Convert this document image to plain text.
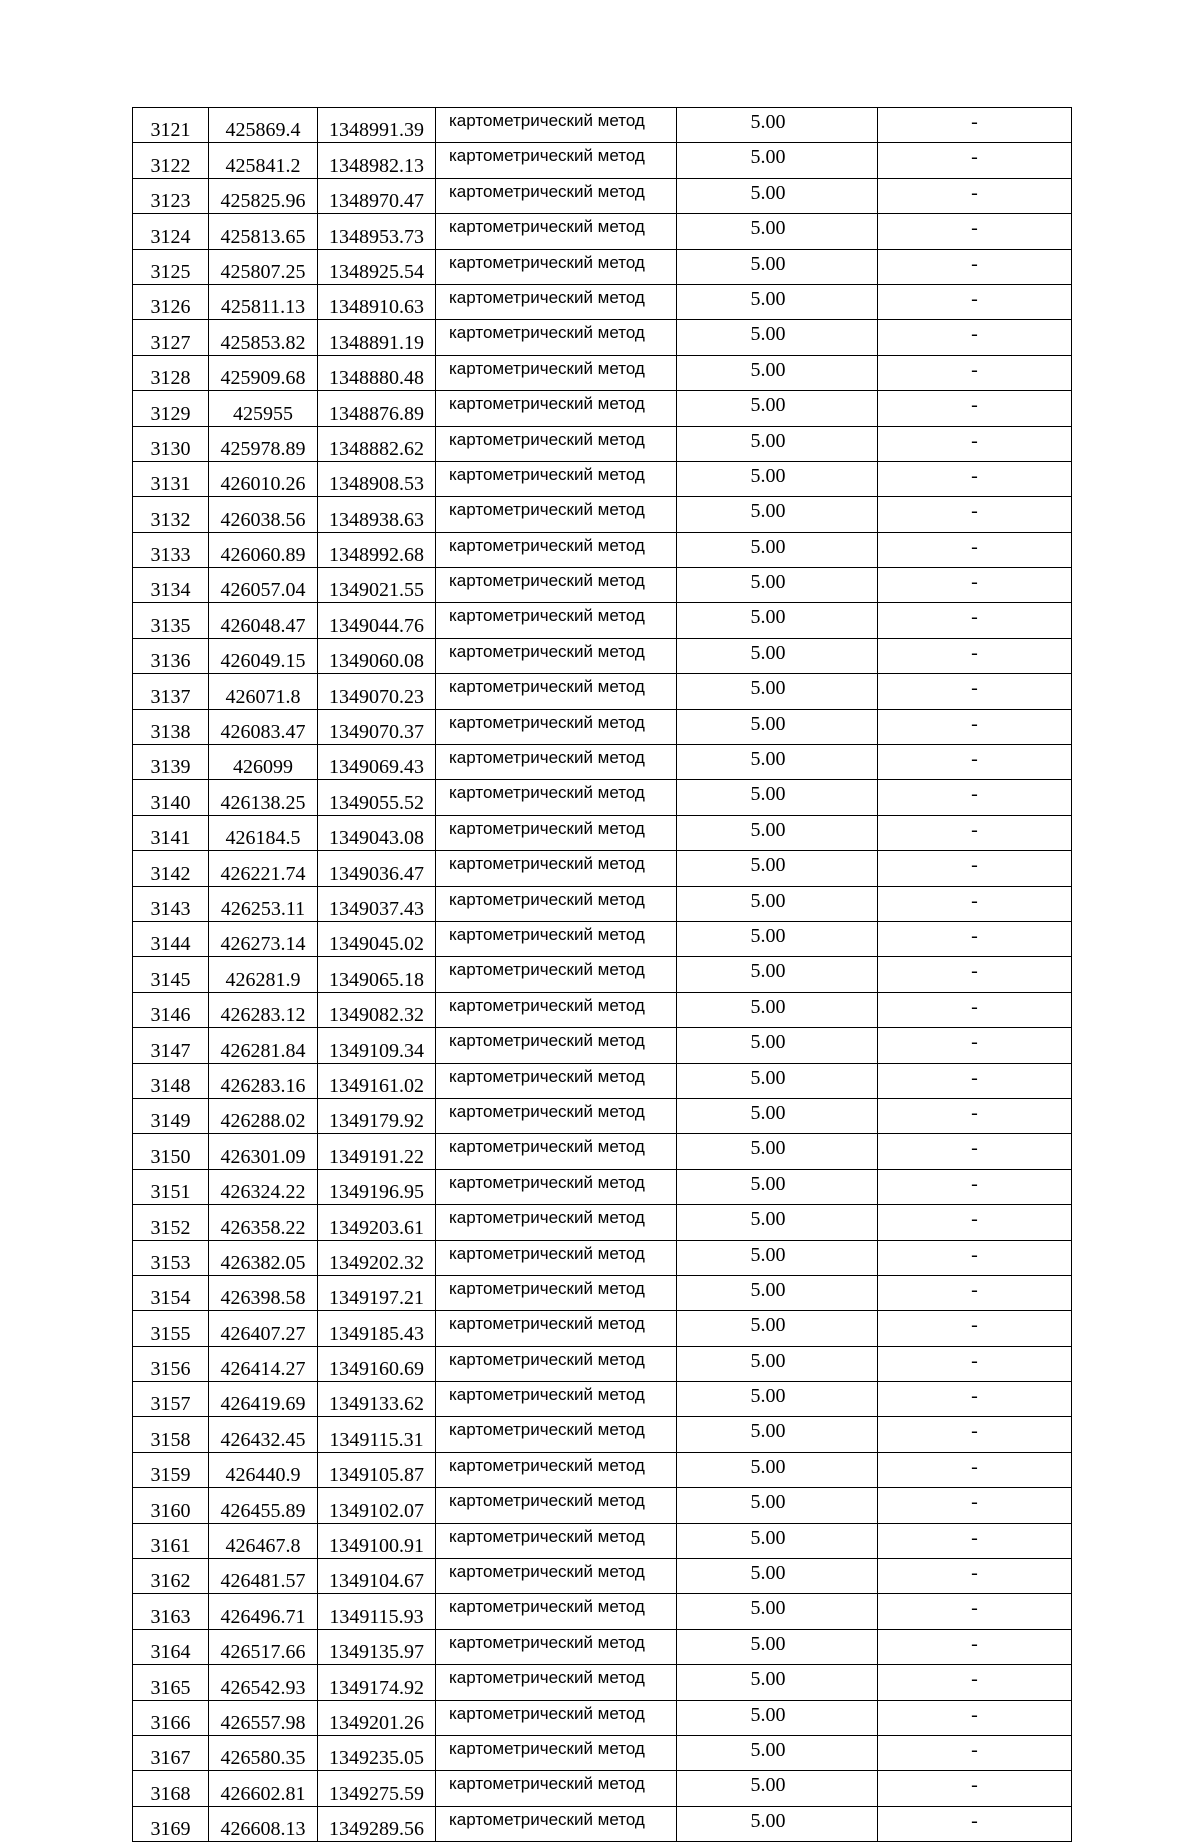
3121	425869.4	1348991.39	картометрический метод	5.00	-
3122	425841.2	1348982.13	картометрический метод	5.00	-
3123	425825.96	1348970.47	картометрический метод	5.00	-
3124	425813.65	1348953.73	картометрический метод	5.00	-
3125	425807.25	1348925.54	картометрический метод	5.00	-
3126	425811.13	1348910.63	картометрический метод	5.00	-
3127	425853.82	1348891.19	картометрический метод	5.00	-
3128	425909.68	1348880.48	картометрический метод	5.00	-
3129	425955	1348876.89	картометрический метод	5.00	-
3130	425978.89	1348882.62	картометрический метод	5.00	-
3131	426010.26	1348908.53	картометрический метод	5.00	-
3132	426038.56	1348938.63	картометрический метод	5.00	-
3133	426060.89	1348992.68	картометрический метод	5.00	-
3134	426057.04	1349021.55	картометрический метод	5.00	-
3135	426048.47	1349044.76	картометрический метод	5.00	-
3136	426049.15	1349060.08	картометрический метод	5.00	-
3137	426071.8	1349070.23	картометрический метод	5.00	-
3138	426083.47	1349070.37	картометрический метод	5.00	-
3139	426099	1349069.43	картометрический метод	5.00	-
3140	426138.25	1349055.52	картометрический метод	5.00	-
3141	426184.5	1349043.08	картометрический метод	5.00	-
3142	426221.74	1349036.47	картометрический метод	5.00	-
3143	426253.11	1349037.43	картометрический метод	5.00	-
3144	426273.14	1349045.02	картометрический метод	5.00	-
3145	426281.9	1349065.18	картометрический метод	5.00	-
3146	426283.12	1349082.32	картометрический метод	5.00	-
3147	426281.84	1349109.34	картометрический метод	5.00	-
3148	426283.16	1349161.02	картометрический метод	5.00	-
3149	426288.02	1349179.92	картометрический метод	5.00	-
3150	426301.09	1349191.22	картометрический метод	5.00	-
3151	426324.22	1349196.95	картометрический метод	5.00	-
3152	426358.22	1349203.61	картометрический метод	5.00	-
3153	426382.05	1349202.32	картометрический метод	5.00	-
3154	426398.58	1349197.21	картометрический метод	5.00	-
3155	426407.27	1349185.43	картометрический метод	5.00	-
3156	426414.27	1349160.69	картометрический метод	5.00	-
3157	426419.69	1349133.62	картометрический метод	5.00	-
3158	426432.45	1349115.31	картометрический метод	5.00	-
3159	426440.9	1349105.87	картометрический метод	5.00	-
3160	426455.89	1349102.07	картометрический метод	5.00	-
3161	426467.8	1349100.91	картометрический метод	5.00	-
3162	426481.57	1349104.67	картометрический метод	5.00	-
3163	426496.71	1349115.93	картометрический метод	5.00	-
3164	426517.66	1349135.97	картометрический метод	5.00	-
3165	426542.93	1349174.92	картометрический метод	5.00	-
3166	426557.98	1349201.26	картометрический метод	5.00	-
3167	426580.35	1349235.05	картометрический метод	5.00	-
3168	426602.81	1349275.59	картометрический метод	5.00	-
3169	426608.13	1349289.56	картометрический метод	5.00	-
